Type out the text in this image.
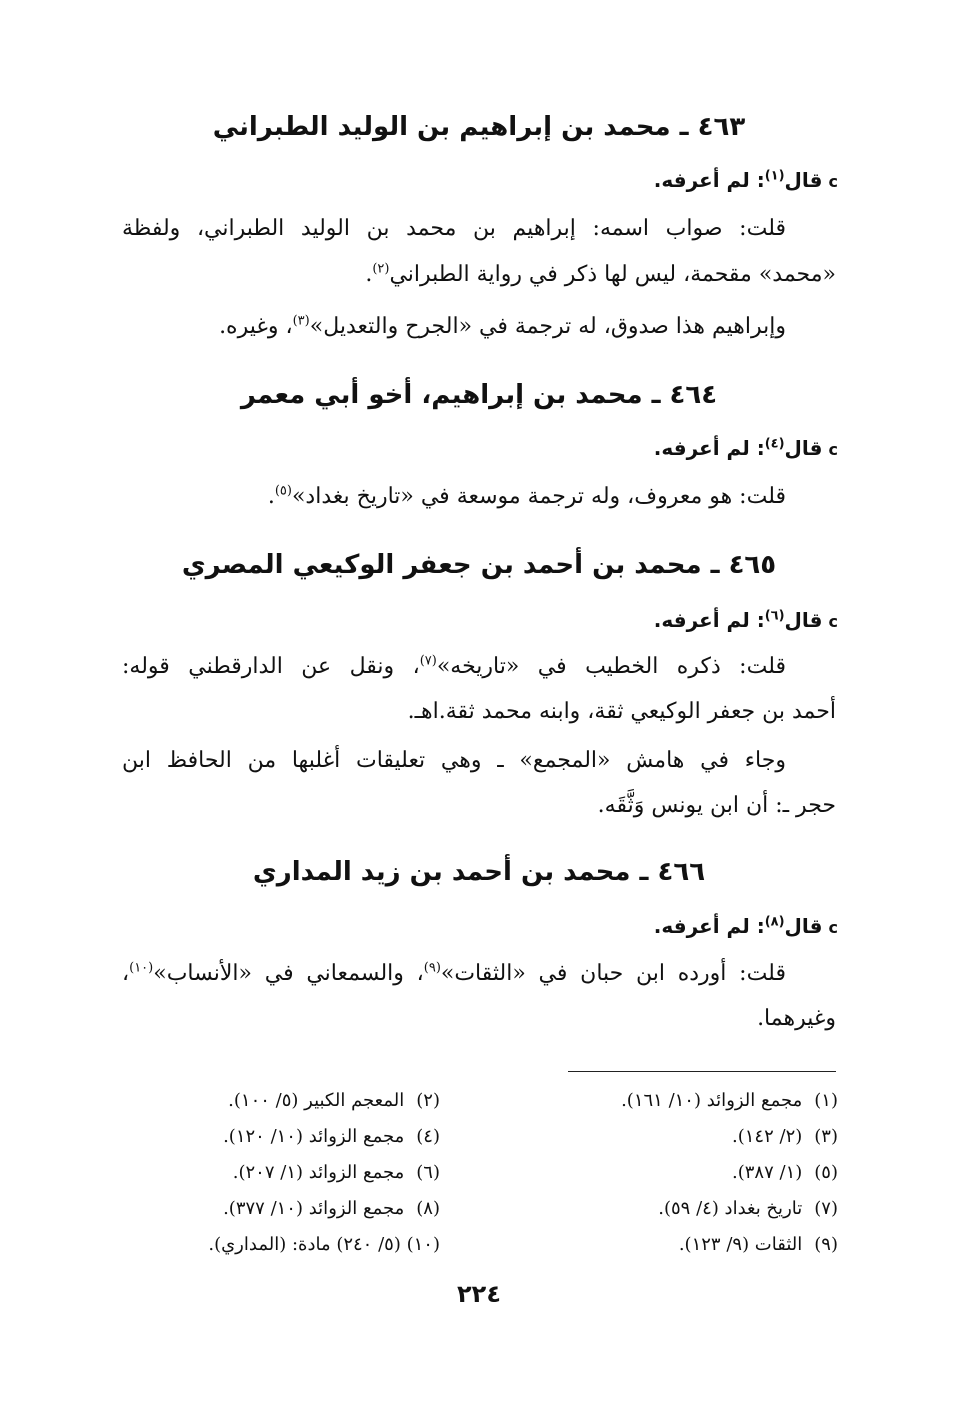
٤٦٣ ـ محمد بن إبراهيم بن الوليد الطبراني
cقال$^{(١)}$: لم أعرفه.
قلت: صواب اسمه: إبراهيم بن محمد بن الوليد الطبراني، ولفظة
«محمد» مقحمة، ليس لها ذكر في رواية الطبراني$^{(٢)}$.
وإبراهيم هذا صدوق، له ترجمة في «الجرح والتعديل»$^{(٣)}$، وغيره.
٤٦٤ ـ محمد بن إبراهيم، أخو أبي معمر
cقال$^{(٤)}$: لم أعرفه.
قلت: هو معروف، وله ترجمة موسعة في «تاريخ بغداد»$^{(٥)}$.
٤٦٥ ـ محمد بن أحمد بن جعفر الوكيعي المصري
cقال$^{(٦)}$: لم أعرفه.
قلت: ذكره الخطيب في «تاريخه»$^{(٧)}$، ونقل عن الدارقطني قوله:
أحمد بن جعفر الوكيعي ثقة، وابنه محمد ثقة.اهـ.
وجاء في هامش «المجمع» ـ وهي تعليقات أغلبها من الحافظ ابن
حجر ـ: أن ابن يونس وَثَّقَه.
٤٦٦ ـ محمد بن أحمد بن زيد المداري
cقال$^{(٨)}$: لم أعرفه.
قلت: أورده ابن حبان في «الثقات»$^{(٩)}$، والسمعاني في «الأنساب»$^{(١٠)}$،
وغيرهما.
(١) مجمع الزوائد (١٠/ ١٦١).
(٢) المعجم الكبير (٥/ ١٠٠).
(٣) (٢/ ١٤٢).
(٤) مجمع الزوائد (١٠/ ١٢٠).
(٥) (١/ ٣٨٧).
(٦) مجمع الزوائد (١/ ٢٠٧).
(٧) تاريخ بغداد (٤/ ٥٩).
(٨) مجمع الزوائد (١٠/ ٣٧٧).
(٩) الثقات (٩/ ١٢٣).
(١٠) (٥/ ٢٤٠) مادة: (المداري).
٢٢٤
